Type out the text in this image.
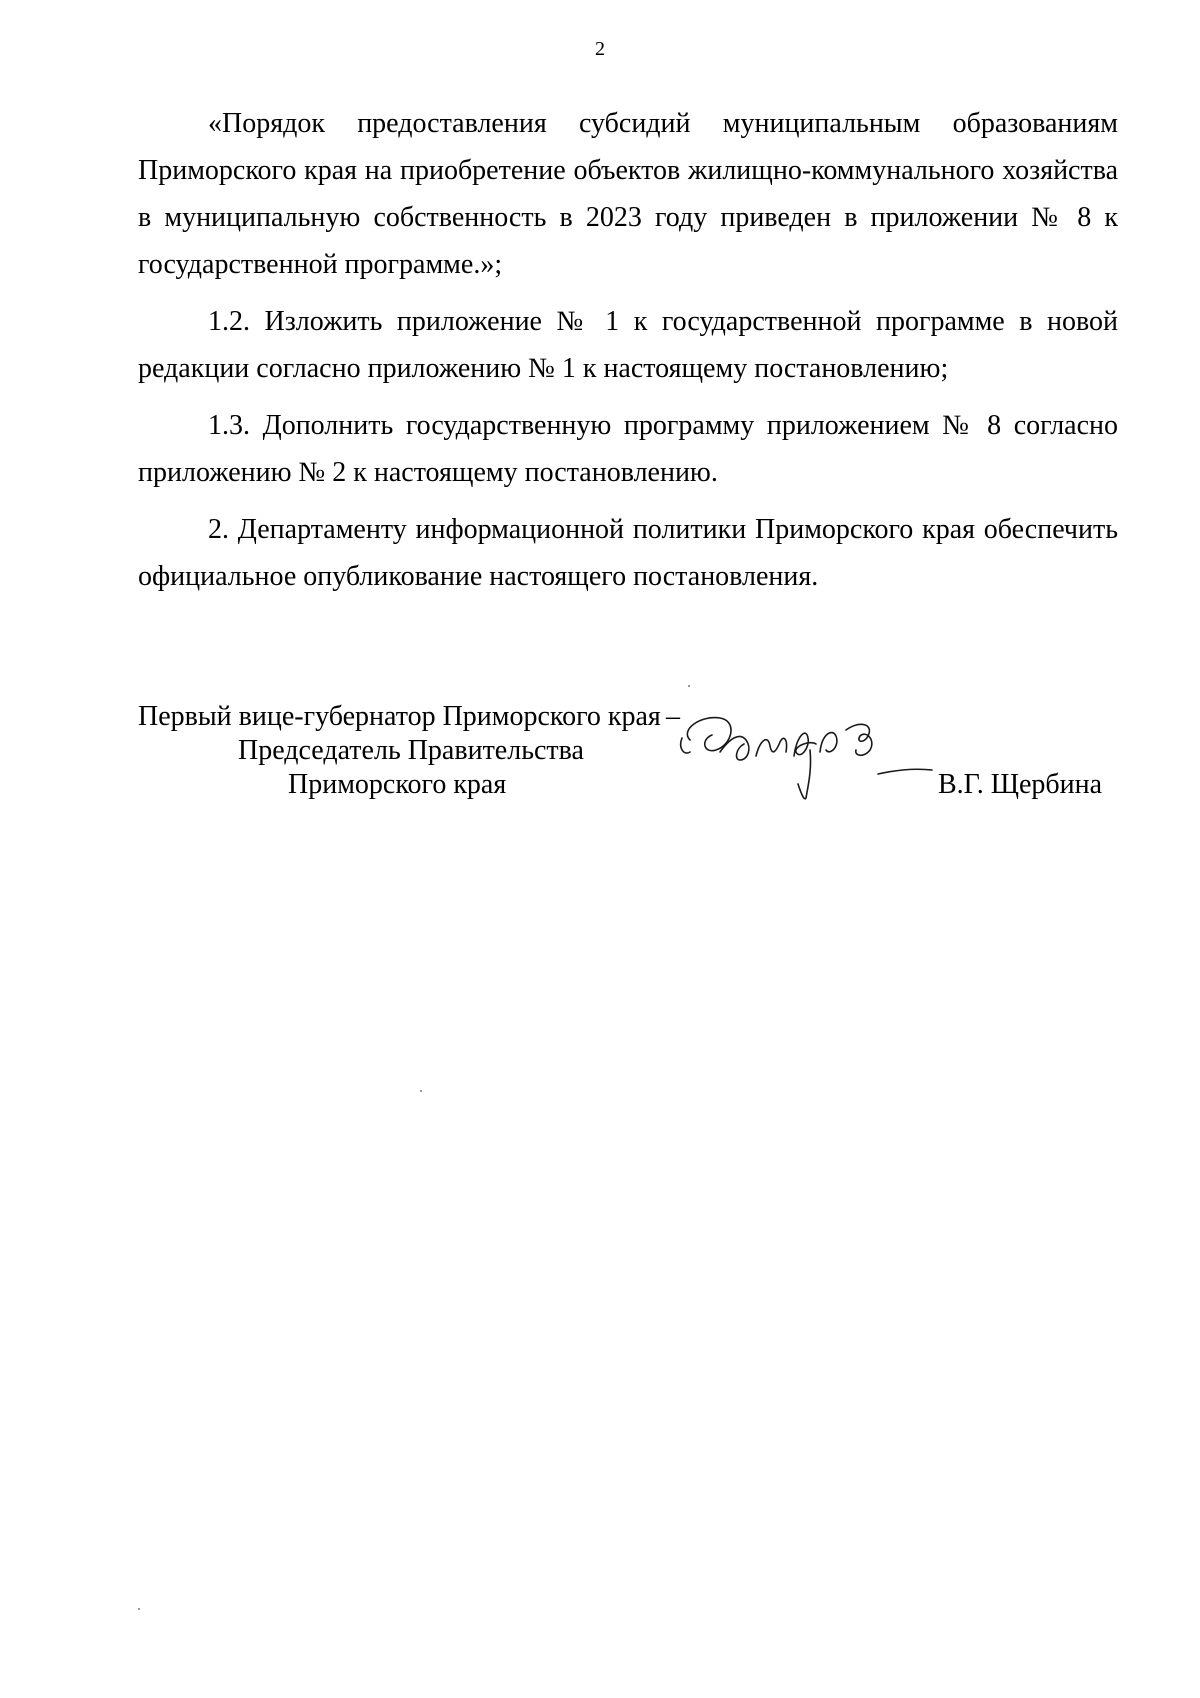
2

«Порядок предоставления субсидий муниципальным образованиям Приморского края на приобретение объектов жилищно-коммунального хозяйства в муниципальную собственность в 2023 году приведен в приложении № 8 к государственной программе.»;

1.2. Изложить приложение № 1 к государственной программе в новой редакции согласно приложению № 1 к настоящему постановлению;

1.3. Дополнить государственную программу приложением № 8 согласно приложению № 2 к настоящему постановлению.

2. Департаменту информационной политики Приморского края обеспечить официальное опубликование настоящего постановления.

Первый вице-губернатор Приморского края
Председатель Правительства
Приморского края
–
В.Г. Щербина
